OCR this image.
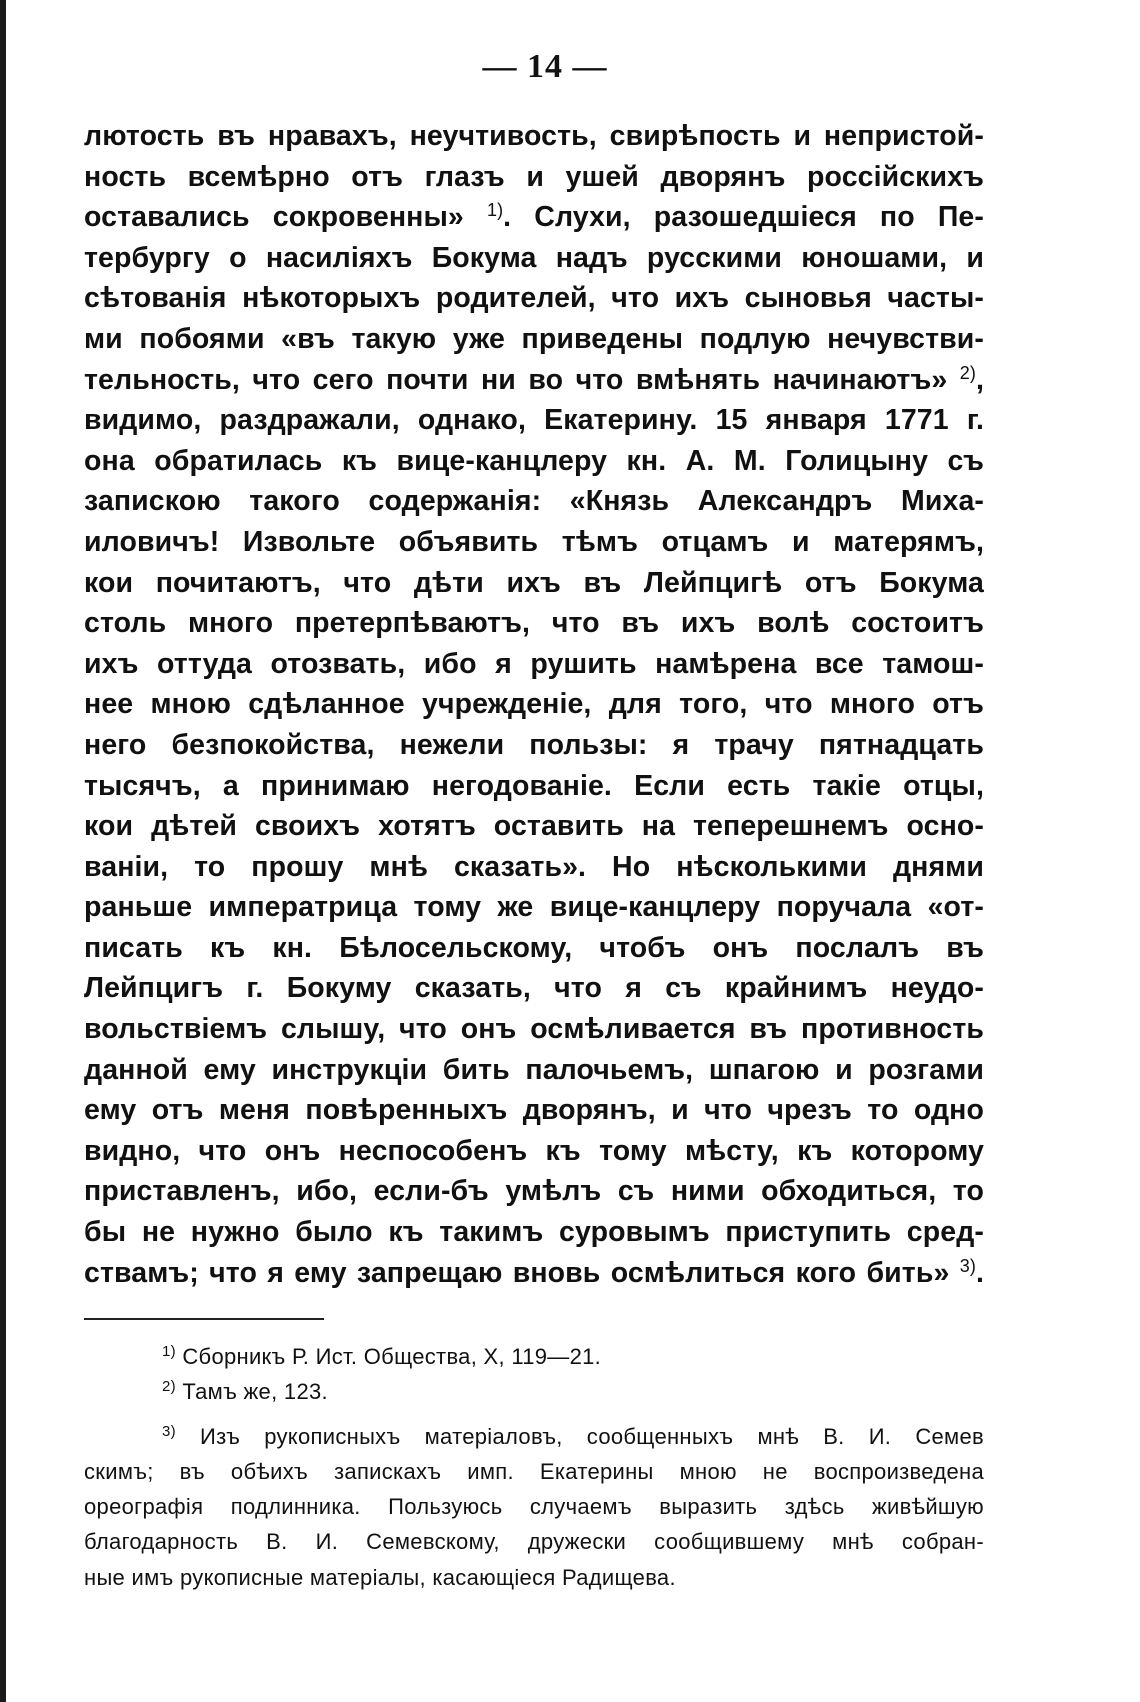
— 14 —
лютость въ нравахъ, неучтивость, свирѣпость и непристой-
ность всемѣрно отъ глазъ и ушей дворянъ россійскихъ
оставались сокровенны» $^{1)}$. Слухи, разошедшіеся по Пе-
тербургу о насиліяхъ Бокума надъ русскими юношами, и
сѣтованія нѣкоторыхъ родителей, что ихъ сыновья часты-
ми побоями «въ такую уже приведены подлую нечувстви-
тельность, что сего почти ни во что вмѣнять начинаютъ» $^{2)}$,
видимо, раздражали, однако, Екатерину. 15 января 1771 г.
она обратилась къ вице-канцлеру кн. А. М. Голицыну съ
запискою такого содержанія: «Князь Александръ Миха-
иловичъ! Извольте объявить тѣмъ отцамъ и матерямъ,
кои почитаютъ, что дѣти ихъ въ Лейпцигѣ отъ Бокума
столь много претерпѣваютъ, что въ ихъ волѣ состоитъ
ихъ оттуда отозвать, ибо я рушить намѣрена все тамош-
нее мною сдѣланное учрежденіе, для того, что много отъ
него безпокойства, нежели пользы: я трачу пятнадцать
тысячъ, а принимаю негодованіе. Если есть такіе отцы,
кои дѣтей своихъ хотятъ оставить на теперешнемъ осно-
ваніи, то прошу мнѣ сказать». Но нѣсколькими днями
раньше императрица тому же вице-канцлеру поручала «от-
писать къ кн. Бѣлосельскому, чтобъ онъ послалъ въ
Лейпцигъ г. Бокуму сказать, что я съ крайнимъ неудо-
вольствіемъ слышу, что онъ осмѣливается въ противность
данной ему инструкціи бить палочьемъ, шпагою и розгами
ему отъ меня повѣренныхъ дворянъ, и что чрезъ то одно
видно, что онъ неспособенъ къ тому мѣсту, къ которому
приставленъ, ибо, если-бъ умѣлъ съ ними обходиться, то
бы не нужно было къ такимъ суровымъ приступить сред-
ствамъ; что я ему запрещаю вновь осмѣлиться кого бить» $^{3)}$.
$^{1)}$ Сборникъ Р. Ист. Общества, X, 119—21.
$^{2)}$ Тамъ же, 123.
$^{3)}$ Изъ рукописныхъ матеріаловъ, сообщенныхъ мнѣ В. И. Семев
скимъ; въ обѣихъ запискахъ имп. Екатерины мною не воспроизведена
ореографія подлинника. Пользуюсь случаемъ выразить здѣсь живѣйшую
благодарность В. И. Семевскому, дружески сообщившему мнѣ собран-
ные имъ рукописные матеріалы, касающіеся Радищева.
